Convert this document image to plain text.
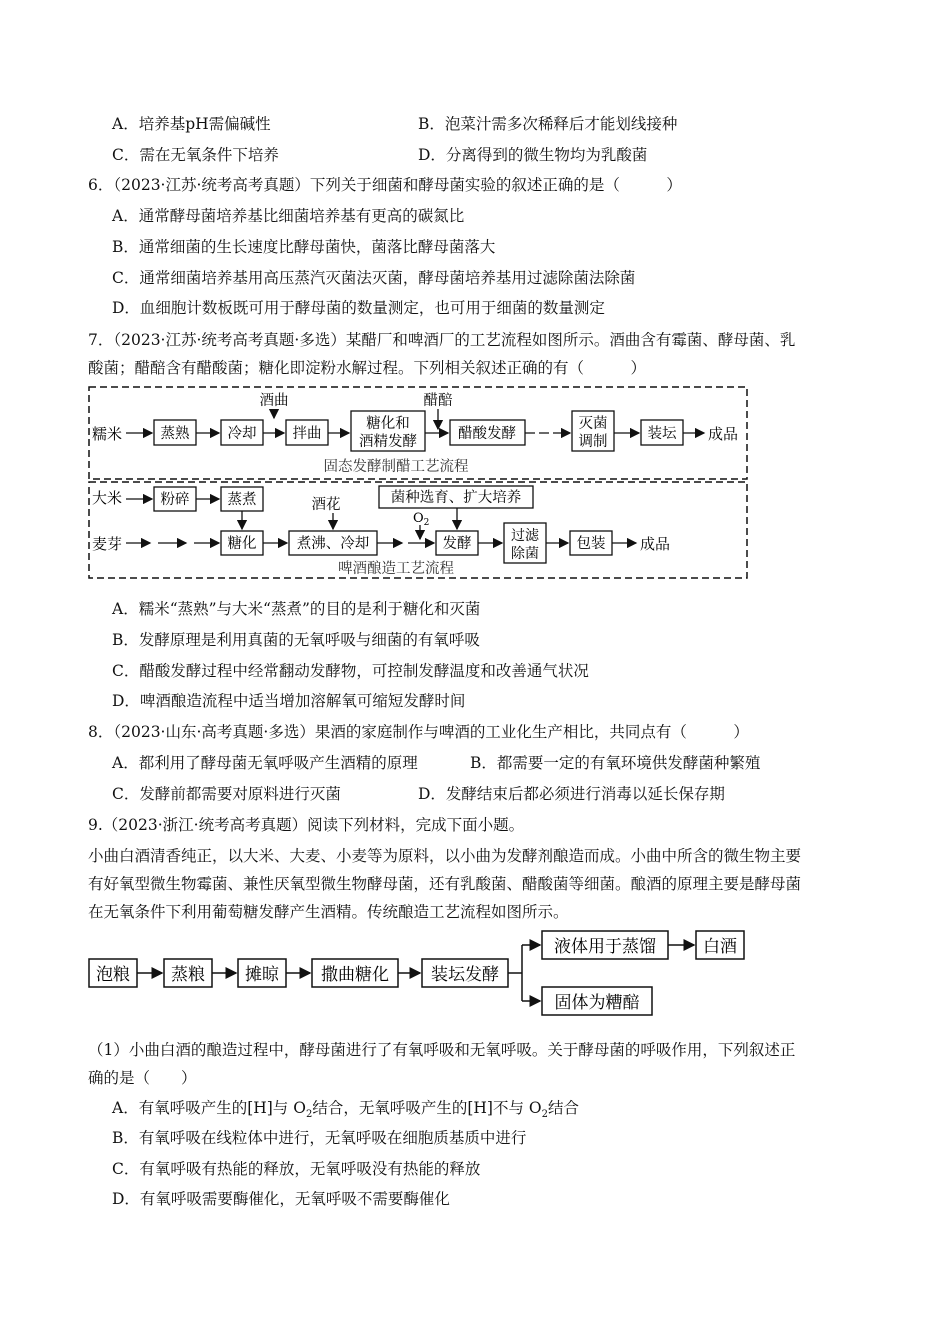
A．培养基pH需偏碱性	B．泡菜汁需多次稀释后才能划线接种
C．需在无氧条件下培养	D．分离得到的微生物均为乳酸菌
6．（2023·江苏·统考高考真题）下列关于细菌和酵母菌实验的叙述正确的是（　　　）
A．通常酵母菌培养基比细菌培养基有更高的碳氮比
B．通常细菌的生长速度比酵母菌快，菌落比酵母菌落大
C．通常细菌培养基用高压蒸汽灭菌法灭菌，酵母菌培养基用过滤除菌法除菌
D．血细胞计数板既可用于酵母菌的数量测定，也可用于细菌的数量测定
7．（2023·江苏·统考高考真题·多选）某醋厂和啤酒厂的工艺流程如图所示。酒曲含有霉菌、酵母菌、乳
酸菌；醋醅含有醋酸菌；糖化即淀粉水解过程。下列相关叙述正确的有（　　　）
糯米	蒸熟	冷却 拌曲
糖化和
酒精发酵	醋酸发酵
灭菌
调制	装坛 成品
酒曲	醋醅
固态发酵制醋工艺流程
大米
麦芽
粉碎	蒸煮
糖化	煮沸、冷却	发酵	过滤
除菌
包装 成品
酒花	菌种选育、扩大培养
$O_2$
啤酒酿造工艺流程
A．糯米“蒸熟”与大米“蒸煮”的目的是利于糖化和灭菌
B．发酵原理是利用真菌的无氧呼吸与细菌的有氧呼吸
C．醋酸发酵过程中经常翻动发酵物，可控制发酵温度和改善通气状况
D．啤酒酿造流程中适当增加溶解氧可缩短发酵时间
8．（2023·山东·高考真题·多选）果酒的家庭制作与啤酒的工业化生产相比，共同点有（　　　）
A．都利用了酵母菌无氧呼吸产生酒精的原理	B．都需要一定的有氧环境供发酵菌种繁殖
C．发酵前都需要对原料进行灭菌	D．发酵结束后都必须进行消毒以延长保存期
9.（2023·浙江·统考高考真题）阅读下列材料，完成下面小题。
小曲白酒清香纯正，以大米、大麦、小麦等为原料，以小曲为发酵剂酿造而成。小曲中所含的微生物主要
有好氧型微生物霉菌、兼性厌氧型微生物酵母菌，还有乳酸菌、醋酸菌等细菌。酿酒的原理主要是酵母菌
在无氧条件下利用葡萄糖发酵产生酒精。传统酿造工艺流程如图所示。
泡粮 蒸粮 摊晾 撒曲糖化 装坛发酵
液体用于蒸馏	白酒
固体为糟醅
（1）小曲白酒的酿造过程中，酵母菌进行了有氧呼吸和无氧呼吸。关于酵母菌的呼吸作用，下列叙述正
确的是（　　）
A．有氧呼吸产生的[H]与 $O_2$结合，无氧呼吸产生的[H]不与 $O_2$结合
B．有氧呼吸在线粒体中进行，无氧呼吸在细胞质基质中进行
C．有氧呼吸有热能的释放，无氧呼吸没有热能的释放
D．有氧呼吸需要酶催化，无氧呼吸不需要酶催化
